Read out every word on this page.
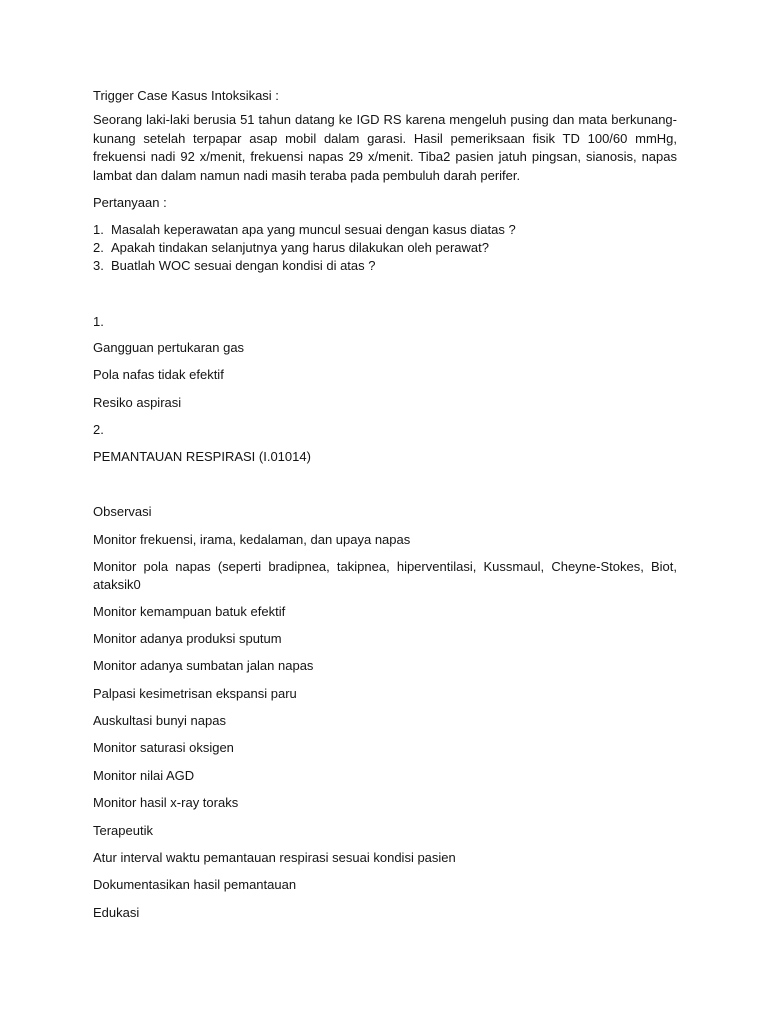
Trigger Case Kasus Intoksikasi :
Seorang laki-laki berusia 51 tahun datang ke IGD RS karena mengeluh pusing dan mata berkunang-
kunang setelah terpapar asap mobil dalam garasi. Hasil pemeriksaan fisik TD 100/60 mmHg,
frekuensi nadi 92 x/menit, frekuensi napas 29 x/menit. Tiba2 pasien jatuh pingsan, sianosis, napas
lambat dan dalam namun nadi masih teraba pada pembuluh darah perifer.
Pertanyaan :
1. Masalah keperawatan apa yang muncul sesuai dengan kasus diatas ?
2. Apakah tindakan selanjutnya yang harus dilakukan oleh perawat?
3. Buatlah WOC sesuai dengan kondisi di atas ?
1.
Gangguan pertukaran gas
Pola nafas tidak efektif
Resiko aspirasi
2.
PEMANTAUAN RESPIRASI (I.01014)
Observasi
Monitor frekuensi, irama, kedalaman, dan upaya napas
Monitor pola napas (seperti bradipnea, takipnea, hiperventilasi, Kussmaul, Cheyne-Stokes, Biot, ataksik0
Monitor kemampuan batuk efektif
Monitor adanya produksi sputum
Monitor adanya sumbatan jalan napas
Palpasi kesimetrisan ekspansi paru
Auskultasi bunyi napas
Monitor saturasi oksigen
Monitor nilai AGD
Monitor hasil x-ray toraks
Terapeutik
Atur interval waktu pemantauan respirasi sesuai kondisi pasien
Dokumentasikan hasil pemantauan
Edukasi
